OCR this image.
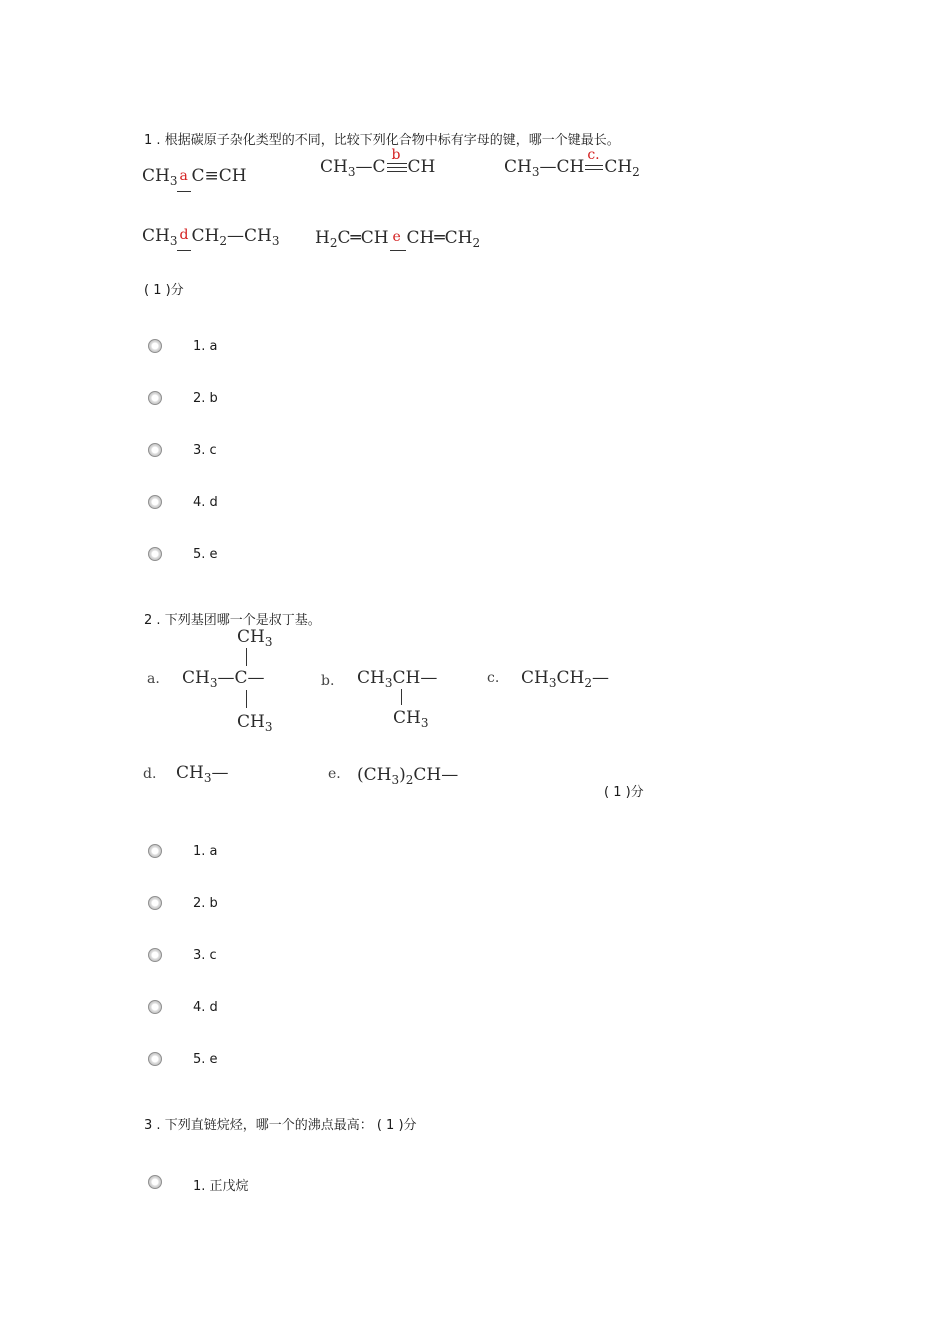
1 . 根据碳原子杂化类型的不同，比较下列化合物中标有字母的键，哪一个键最长。
$CH_3$ a C≡CH	$CH_3—C$
b
CH	$CH_3—CH$
c.
$CH_2$
$CH_3$ d $CH_2—CH_3$ $H_2C═CH$ e $CH═CH_2$
( 1 )分
1. a
2. b
3. c
4. d
5. e
2 . 下列基团哪一个是叔丁基。
a.
$CH_3$
$CH_3—C—$
$CH_3$
b. $CH_3CH—$
$CH_3$
c. $CH_3CH_2—$
d. $CH_3—$	e. $(CH_3)_2CH—$
( 1 )分
1. a
2. b
3. c
4. d
5. e
3 . 下列直链烷烃，哪一个的沸点最高： ( 1 )分
1. 正戊烷
